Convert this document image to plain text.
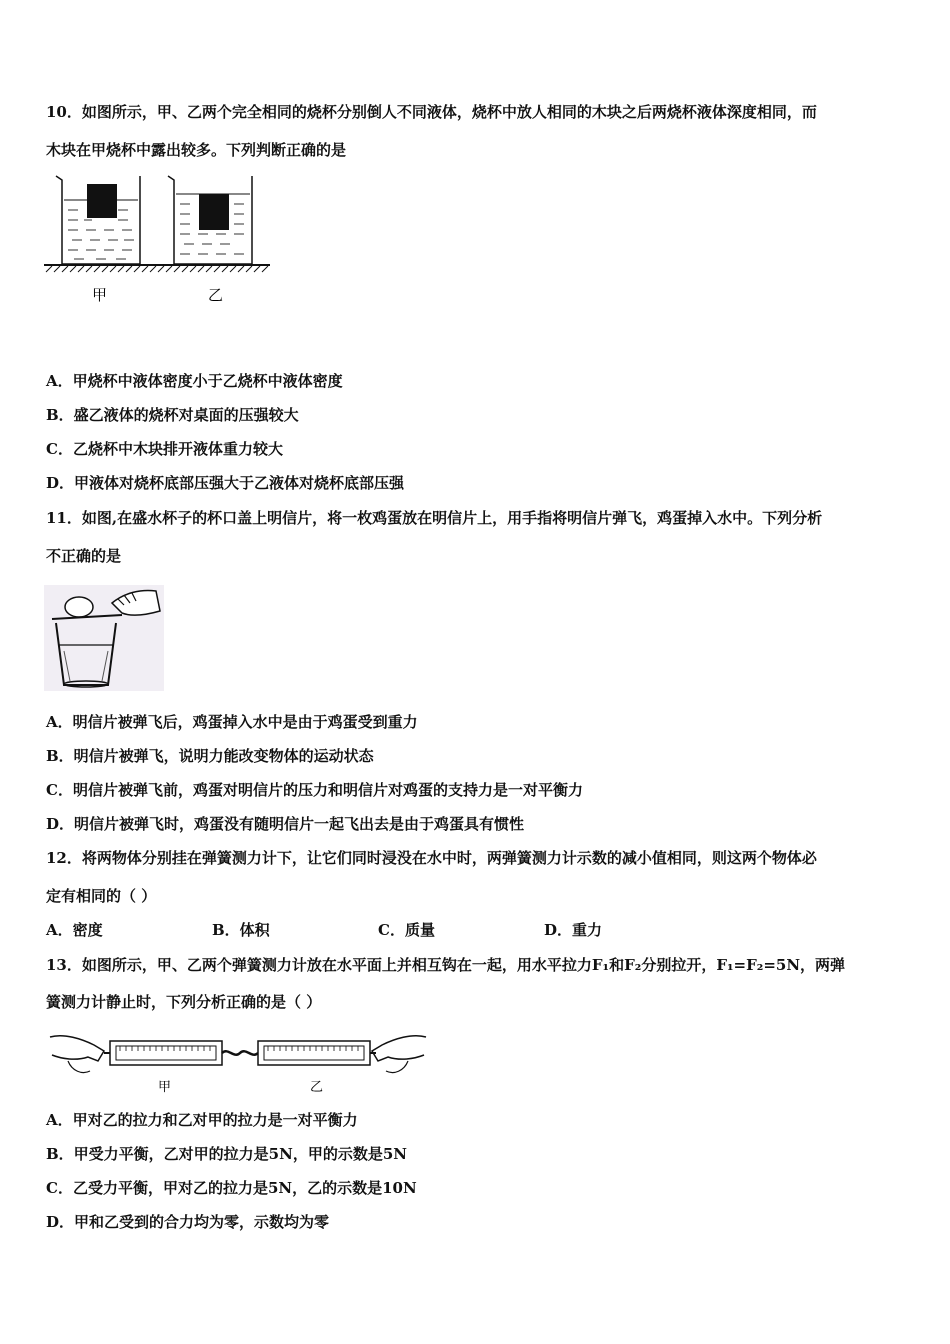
10．如图所示，甲、乙两个完全相同的烧杯分别倒人不同液体，烧杯中放人相同的木块之后两烧杯液体深度相同，而
木块在甲烧杯中露出较多。下列判断正确的是
甲	乙
A．甲烧杯中液体密度小于乙烧杯中液体密度
B．盛乙液体的烧杯对桌面的压强较大
C．乙烧杯中木块排开液体重力较大
D．甲液体对烧杯底部压强大于乙液体对烧杯底部压强
11．如图,在盛水杯子的杯口盖上明信片，将一枚鸡蛋放在明信片上，用手指将明信片弹飞，鸡蛋掉入水中。下列分析
不正确的是
A．明信片被弹飞后，鸡蛋掉入水中是由于鸡蛋受到重力
B．明信片被弹飞，说明力能改变物体的运动状态
C．明信片被弹飞前，鸡蛋对明信片的压力和明信片对鸡蛋的支持力是一对平衡力
D．明信片被弹飞时，鸡蛋没有随明信片一起飞出去是由于鸡蛋具有惯性
12．将两物体分别挂在弹簧测力计下，让它们同时浸没在水中时，两弹簧测力计示数的减小值相同，则这两个物体必
定有相同的（ ）
A．密度	B．体积	C．质量	D．重力
13．如图所示，甲、乙两个弹簧测力计放在水平面上并相互钩在一起，用水平拉力F₁和F₂分别拉开，F₁=F₂=5N，两弹
簧测力计静止时，下列分析正确的是（ ）
甲	乙
A．甲对乙的拉力和乙对甲的拉力是一对平衡力
B．甲受力平衡，乙对甲的拉力是5N，甲的示数是5N
C．乙受力平衡，甲对乙的拉力是5N，乙的示数是10N
D．甲和乙受到的合力均为零，示数均为零
